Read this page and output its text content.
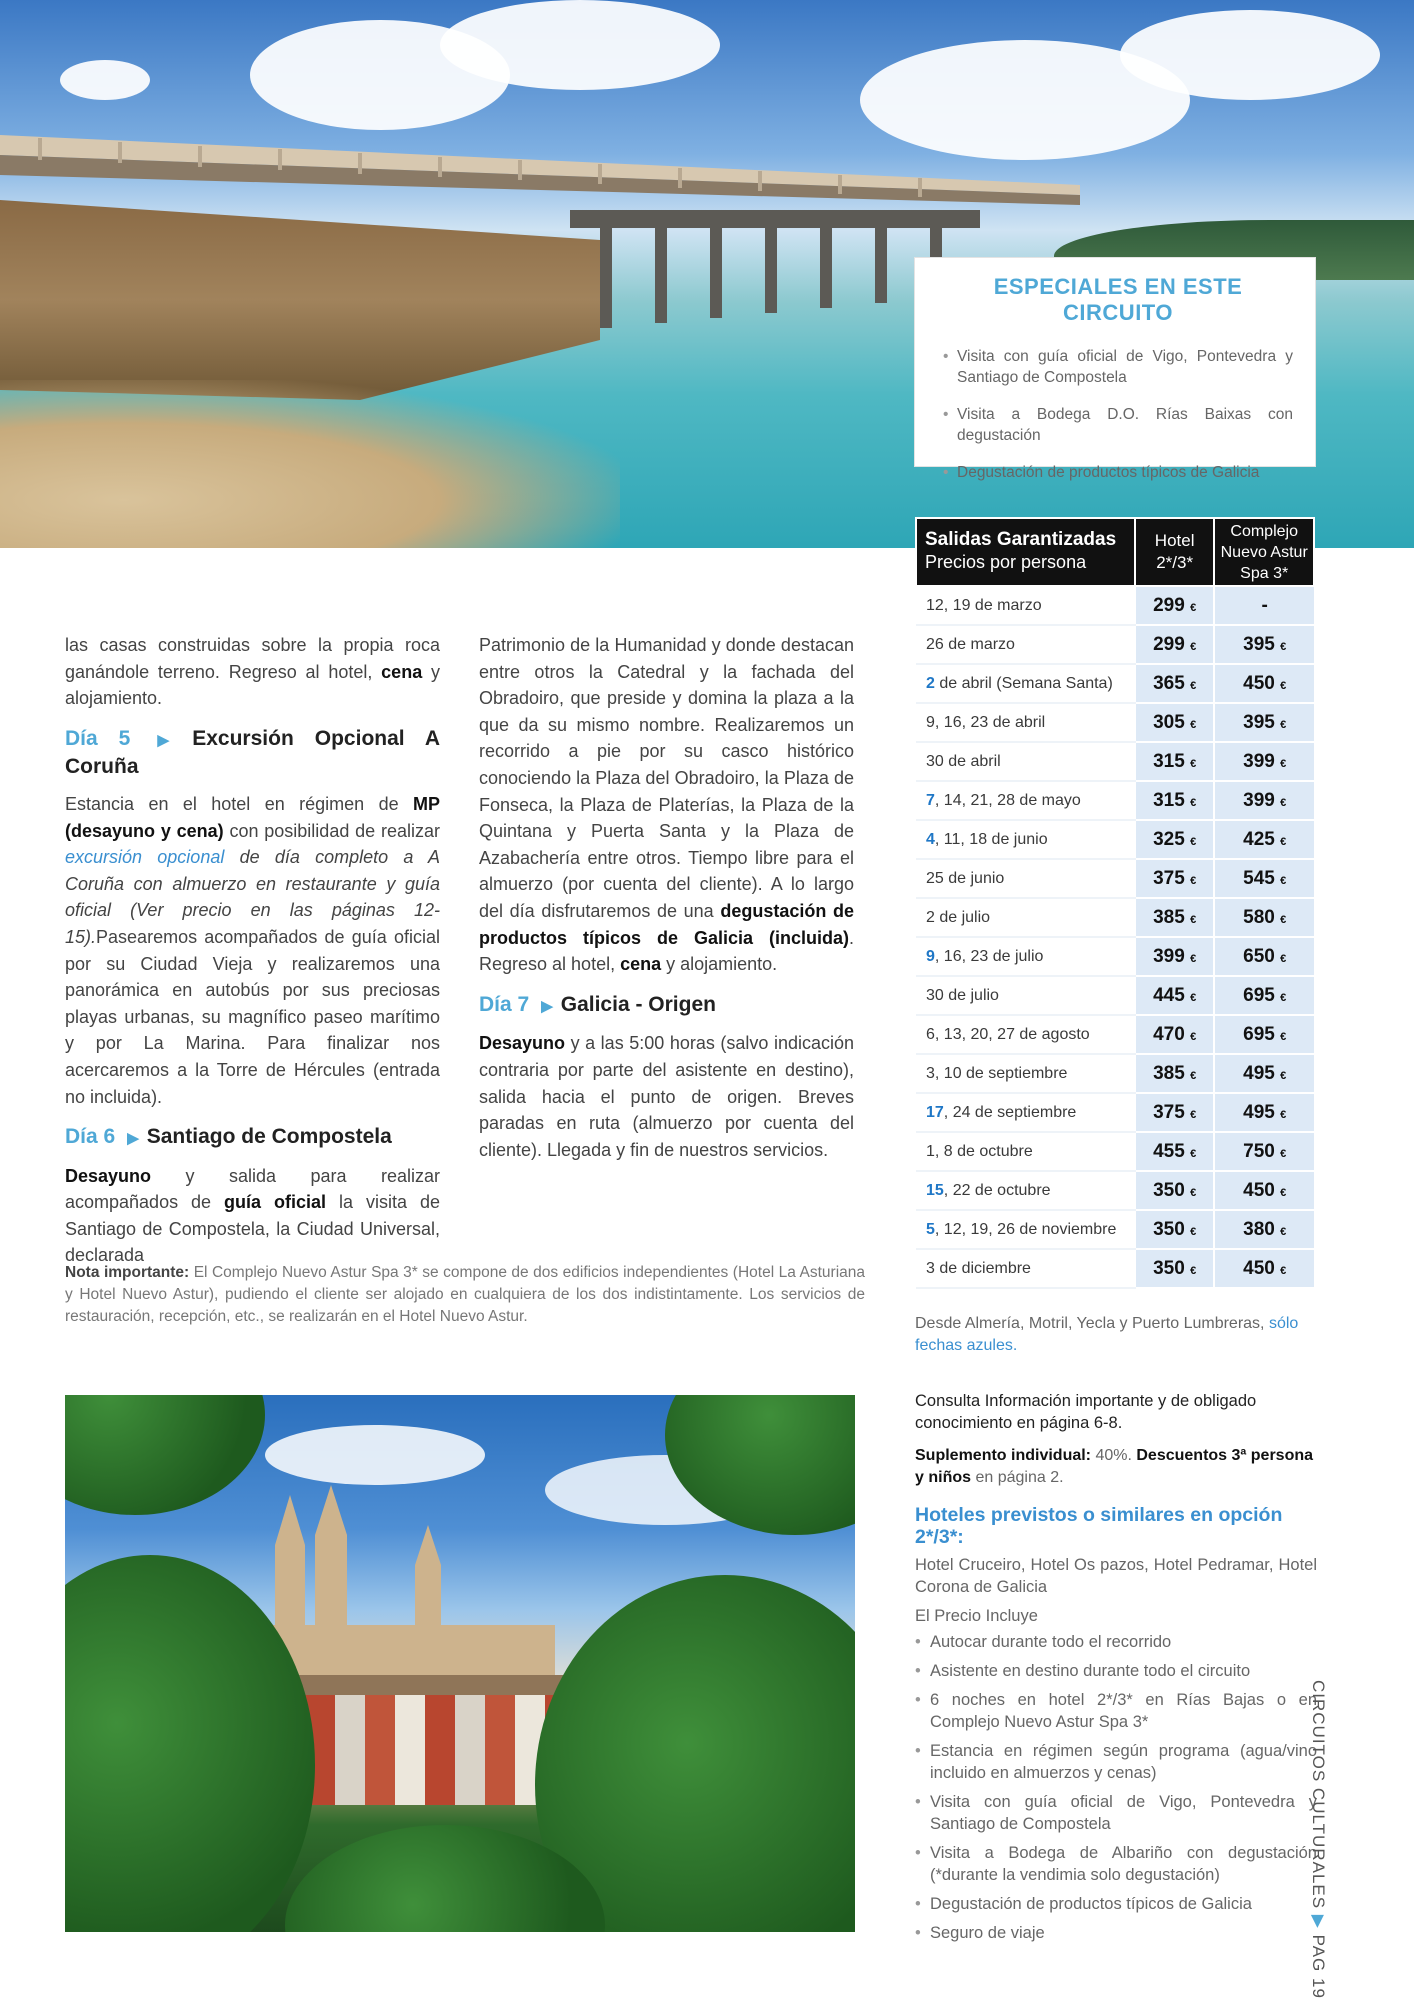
ESPECIALES EN ESTE CIRCUITO
• Visita con guía oficial de Vigo, Pontevedra y Santiago de Compostela
• Visita a Bodega D.O. Rías Baixas con degustación
• Degustación de productos típicos de Galicia
Salidas Garantizadas
Precios por persona	Hotel 2*/3*	Complejo Nuevo Astur Spa 3*
12, 19 de marzo	299 €	-
26 de marzo	299 €	395 €
2 de abril (Semana Santa)	365 €	450 €
9, 16, 23 de abril	305 €	395 €
30 de abril	315 €	399 €
7, 14, 21, 28 de mayo	315 €	399 €
4, 11, 18 de junio	325 €	425 €
25 de junio	375 €	545 €
2 de julio	385 €	580 €
9, 16, 23 de julio	399 €	650 €
30 de julio	445 €	695 €
6, 13, 20, 27 de agosto	470 €	695 €
3, 10 de septiembre	385 €	495 €
17, 24 de septiembre	375 €	495 €
1, 8 de octubre	455 €	750 €
15, 22 de octubre	350 €	450 €
5, 12, 19, 26 de noviembre	350 €	380 €
3 de diciembre	350 €	450 €
Desde Almería, Motril, Yecla y Puerto Lumbreras, sólo fechas azules.
Consulta Información importante y de obligado conocimiento en página 6-8.
Suplemento individual: 40%. Descuentos 3ª persona y niños en página 2.
Hoteles previstos o similares en opción 2*/3*:
Hotel Cruceiro, Hotel Os pazos, Hotel Pedramar, Hotel Corona de Galicia
El Precio Incluye
• Autocar durante todo el recorrido
• Asistente en destino durante todo el circuito
• 6 noches en hotel 2*/3* en Rías Bajas o en Complejo Nuevo Astur Spa 3*
• Estancia en régimen según programa (agua/vino incluido en almuerzos y cenas)
• Visita con guía oficial de Vigo, Pontevedra y Santiago de Compostela
• Visita a Bodega de Albariño con degustación (*durante la vendimia solo degustación)
• Degustación de productos típicos de Galicia
• Seguro de viaje

las casas construidas sobre la propia roca ganándole terreno. Regreso al hotel, cena y alojamiento.

Día 5 ▶ Excursión Opcional A Coruña

Estancia en el hotel en régimen de MP (desayuno y cena) con posibilidad de realizar excursión opcional de día completo a A Coruña con almuerzo en restaurante y guía oficial (Ver precio en las páginas 12-15).Pasearemos acompañados de guía oficial por su Ciudad Vieja y realizaremos una panorámica en autobús por sus preciosas playas urbanas, su magnífico paseo marítimo y por La Marina. Para finalizar nos acercaremos a la Torre de Hércules (entrada no incluida).

Día 6 ▶ Santiago de Compostela

Desayuno y salida para realizar acompañados de guía oficial la visita de Santiago de Compostela, la Ciudad Universal, declarada

Patrimonio de la Humanidad y donde destacan entre otros la Catedral y la fachada del Obradoiro, que preside y domina la plaza a la que da su mismo nombre. Realizaremos un recorrido a pie por su casco histórico conociendo la Plaza del Obradoiro, la Plaza de Fonseca, la Plaza de Platerías, la Plaza de la Quintana y Puerta Santa y la Plaza de Azabachería entre otros. Tiempo libre para el almuerzo (por cuenta del cliente). A lo largo del día disfrutaremos de una degustación de productos típicos de Galicia (incluida). Regreso al hotel, cena y alojamiento.

Día 7 ▶ Galicia - Origen

Desayuno y a las 5:00 horas (salvo indicación contraria por parte del asistente en destino), salida hacia el punto de origen. Breves paradas en ruta (almuerzo por cuenta del cliente). Llegada y fin de nuestros servicios.

Nota importante: El Complejo Nuevo Astur Spa 3* se compone de dos edificios independientes (Hotel La Asturiana y Hotel Nuevo Astur), pudiendo el cliente ser alojado en cualquiera de los dos indistintamente. Los servicios de restauración, recepción, etc., se realizarán en el Hotel Nuevo Astur.
CIRCUITOS CULTURALES ▶ PAG 19
